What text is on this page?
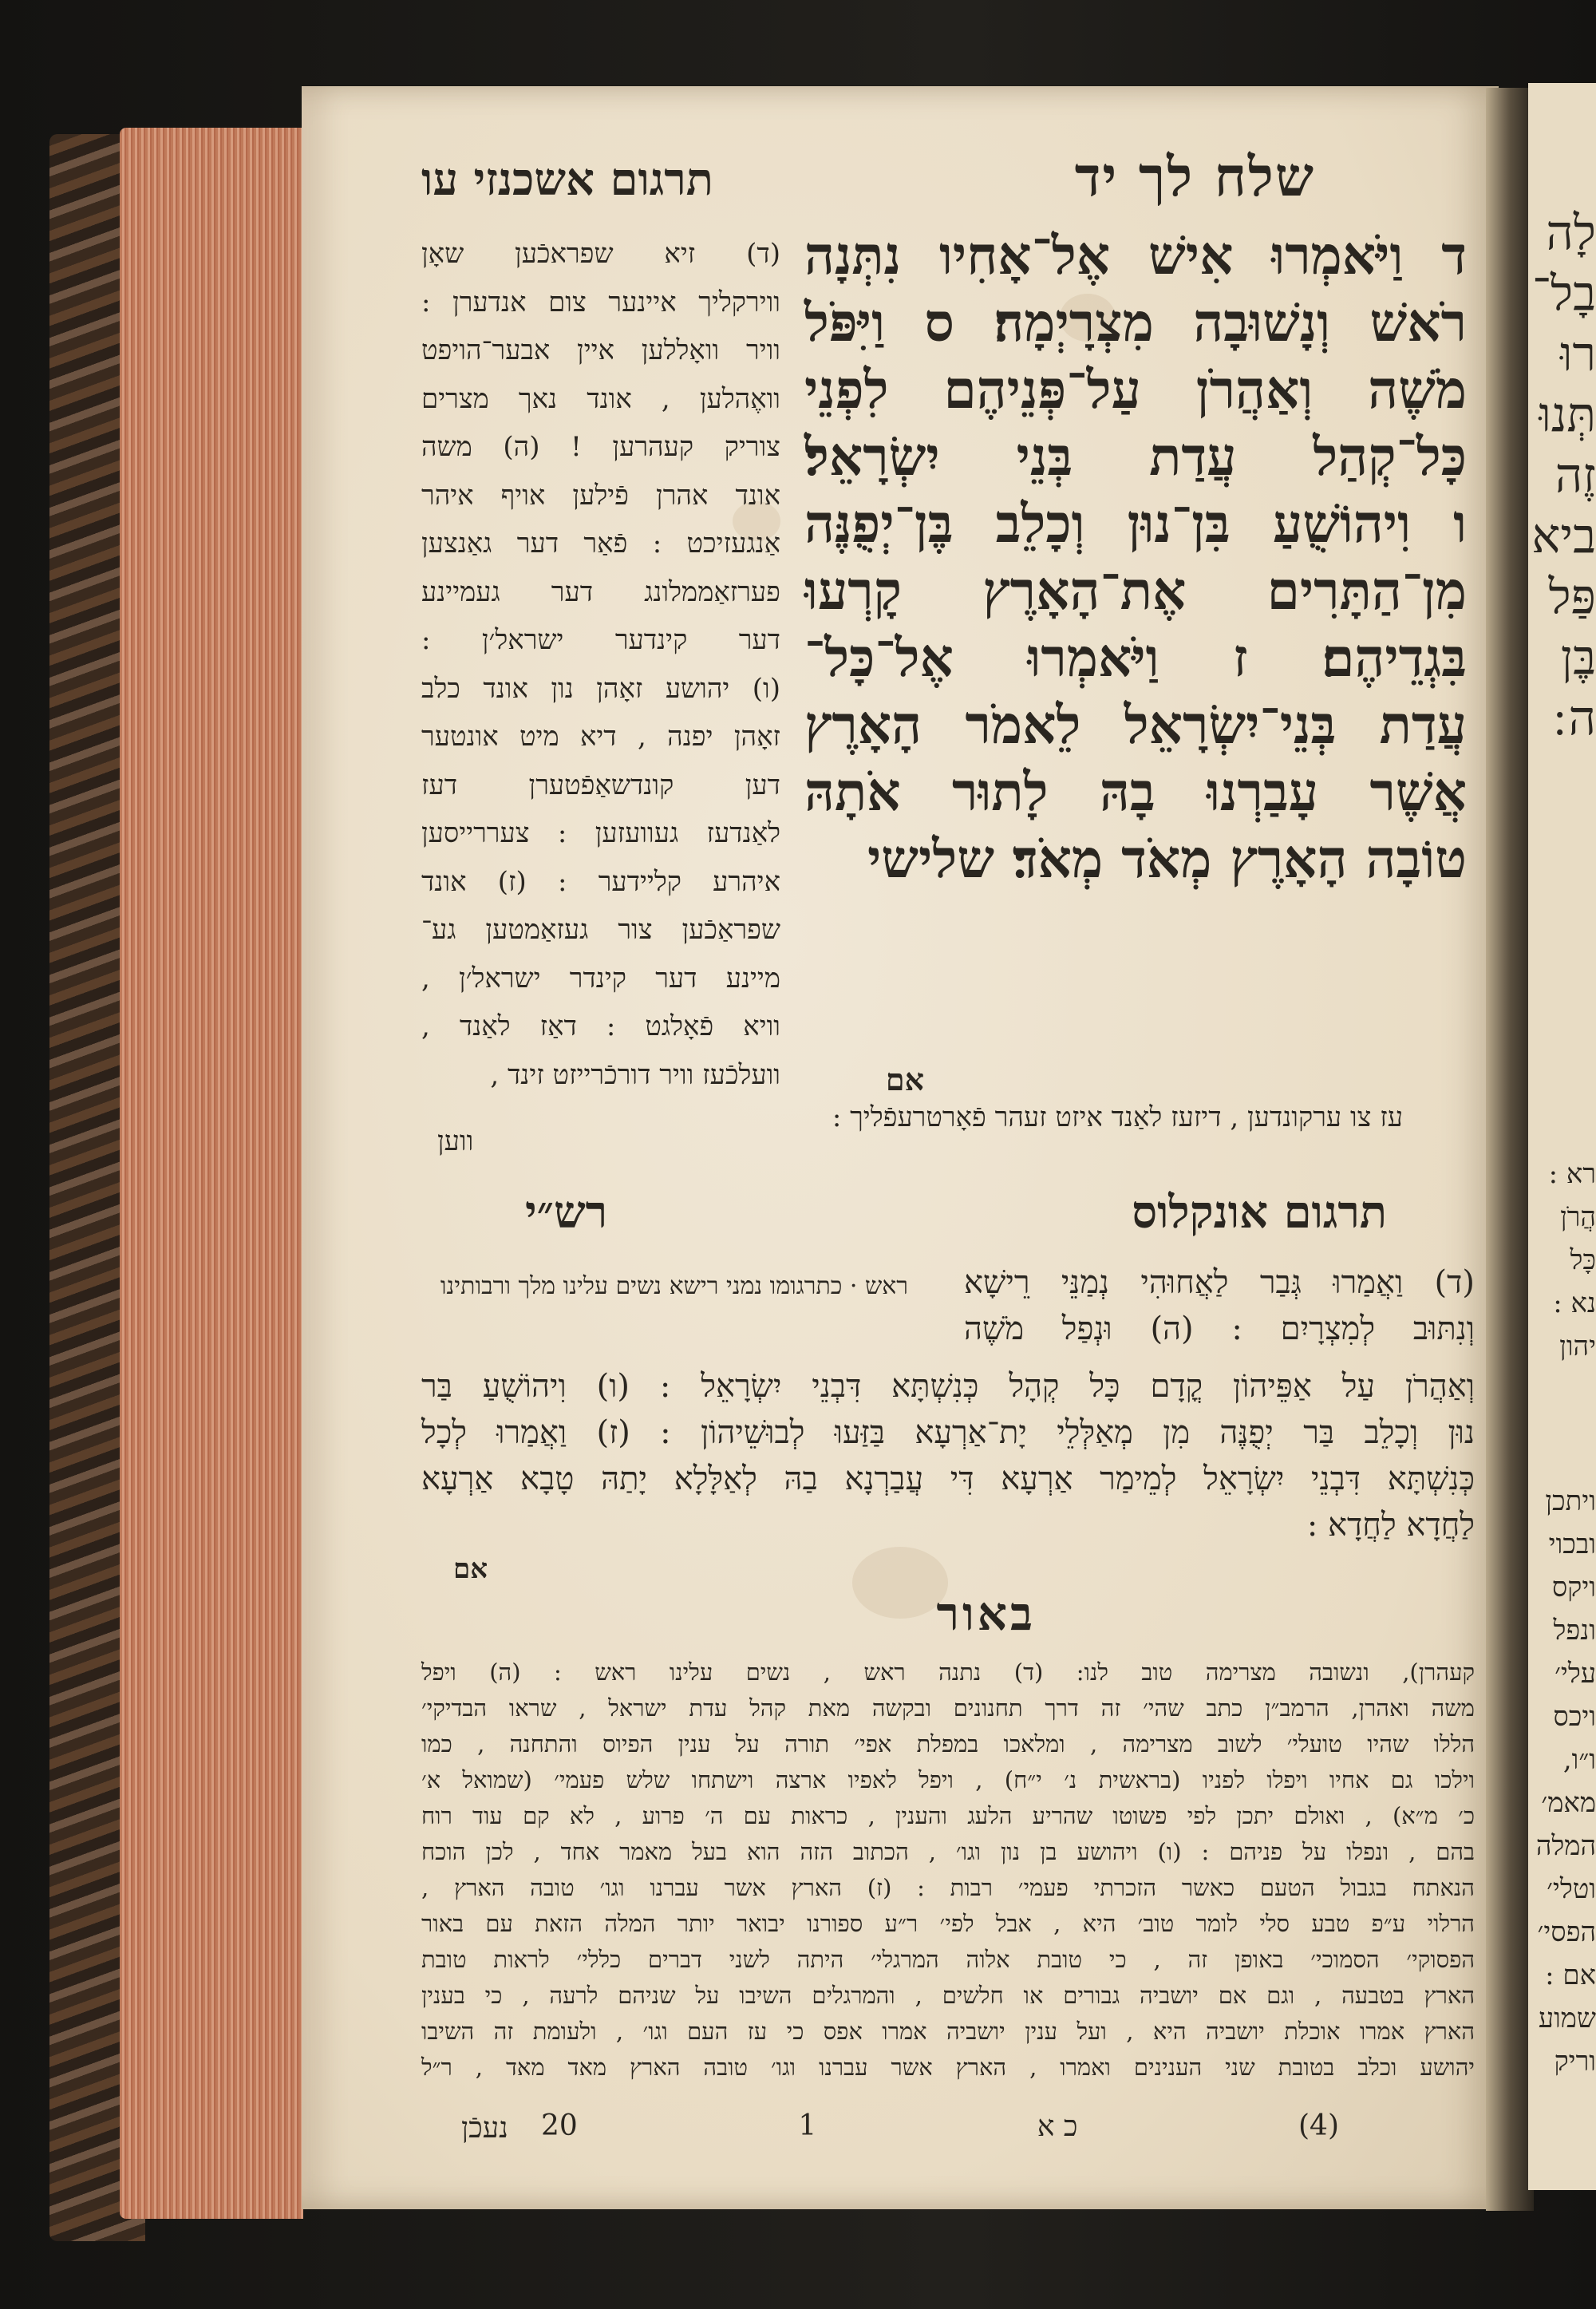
שלח לך יד
תרגום אשכנזי עו

ד וַיֹּאמְרוּ אִישׁ אֶל־אָחִיו נִתְּנָה

רֹאשׁ וְנָשׁוּבָה מִצְרָיְמָה׃ ס וַיִּפֹּל

מֹשֶׁה וְאַהֲרֹן עַל־פְּנֵיהֶם לִפְנֵי

כָּל־קְהַל עֲדַת בְּנֵי יִשְׂרָאֵל׃

ו וִיהוֹשֻׁעַ בִּן־נוּן וְכָלֵב בֶּן־יְפֻנֶּה

מִן־הַתָּרִים אֶת־הָאָרֶץ קָרְעוּ

בִּגְדֵיהֶם׃ ז וַיֹּאמְרוּ אֶל־כָּל־

עֲדַת בְּנֵי־יִשְׂרָאֵל לֵאמֹר הָאָרֶץ

אֲשֶׁר עָבַרְנוּ בָהּ לָתוּר אֹתָהּ

טוֹבָה הָאָרֶץ מְאֹד מְאֹד׃ שלישי

אם

(ד) זיא שפראכֿען שאָן

ווירקליך איינער צום אנדערן :

וויר וואָללען איין אבער־הויפט

וואֶהלען , אונד נאך מצרים

צוריק קעהרען ! (ה) משה

אונד אהרן פֿילען אויף איהר

אַנגעזיכט : פֿאַר דער גאַנצען

פערזאַממלונג דער געמיינע

דער קינדער ישראל׳ן :

(ו) יהושע זאָהן נון אונד כלב

זאָהן יפנה , דיא מיט אונטער

דען קונדשאַפֿטערן דעז

לאַנדעז געוועזען : צעררייסען

איהרע קליידער : (ז) אונד

שפראַכֿען צור געזאַמטען גע־

מיינע דער קינדר ישראל׳ן ,

וויא פֿאָלגט : דאַז לאַנד ,

וועלכֿעז וויר דורכֿרייזט זינד ,

עז צו ערקונדען , דיזעז לאַנד איזט זעהר פֿאָרטרעפֿליך :
ווען
תרגום אונקלוס
רש״י

(ד) וַאֲמַרוּ גְּבַר לַאֲחוּהִי נְמַנֵּי רֵישָׁא

וְנִתּוּב לְמִצְרָיִם : (ה) וּנְפַל מֹשֶׁה

ראש · כתרגומו נמני רישא נשים עלינו מלך ורבותינו

וְאַהֲרֹן עַל אַפֵּיהוֹן קֳדָם כָּל קְהָל כְּנִשְׁתָּא דִּבְנֵי יִשְׂרָאֵל : (ו) וִיהוֹשֻׁעַ בַּר

נוּן וְכָלֵב בַּר יְפֻנֶּה מִן מְאַלְּלֵי יָת־אַרְעָא בַּזַּעוּ לְבוּשֵׁיהוֹן : (ז) וַאֲמַרוּ לְכָל

כְּנִשְׁתָּא דִּבְנֵי יִשְׂרָאֵל לְמֵימַר אַרְעָא דִּי עֲבַרְנָא בַהּ לְאַלָּלָא יָתַהּ טָבָא אַרְעָא

לַחֲדָא לַחֲדָא :

אם
באור

קעהרן), ונשובה מצרימה טוב לנו: (ד) נתנה ראש , נשים עלינו ראש : (ה) ויפל

משה ואהרן, הרמב״ן כתב שהי׳ זה דרך תחנונים ובקשה מאת קהל עדת ישראל , שראו הבדיקי׳

הללו שהיו טועלי׳ לשוב מצרימה , ומלאכו במפלת אפי׳ תורה על ענין הפיוס והתחנה , כמו

וילכו גם אחיו ויפלו לפניו (בראשית נ׳ י״ח) , ויפל לאפיו ארצה וישתחו שלש פעמי׳ (שמואל א׳

כ׳ מ״א) , ואולם יתכן לפי פשוטו שהריע הלעג והענין , כראות עם ה׳ פרוע , לא קם עוד רוח

בהם , ונפלו על פניהם : (ו) ויהושע בן נון וגו׳ , הכתוב הזה הוא בעל מאמר אחד , לכן הוכח

הנאתח בגבול הטעם כאשר הזכרתי פעמי׳ רבות : (ז) הארץ אשר עברנו וגו׳ טובה הארץ ,

הרלוי ע״פ טבע סלי לומר טוב׳ היא , אבל לפי׳ ר״ע ספורנו יבואר יותר המלה הזאת עם באור

הפסוקי׳ הסמוכי׳ באופן זה , כי טובת אלוה המרגלי׳ היתה לשני דברים כללי׳ לראות טובת

הארץ בטבעה , וגם אם יושביה גבורים או חלשים , והמרגלים השיבו על שניהם לרעה , כי בענין

הארץ אמרו אוכלת יושביה היא , ועל ענין יושביה אמרו אפס כי עז העם וגו׳ , ולעומת זה השיבו

יהושע וכלב בטובת שני הענינים ואמרו , הארץ אשר עברנו וגו׳ טובה הארץ מאד מאד , ר״ל

(4)
כ א
1
20
נעכֿן
לָה
בָל־
רוּ
תְּנוּ
זֶה
ביא
פַּל
בֶּן
ה ׃
רא :
הֲרֹן
כָּל
נא :
יהון
ויתכן
ובכוי
ויקס
ונפל
עלי׳
ויכס
ו״ו,
מאמ׳
המלה
וטלי׳
הפסי׳
אם :
שמוע
וריק
